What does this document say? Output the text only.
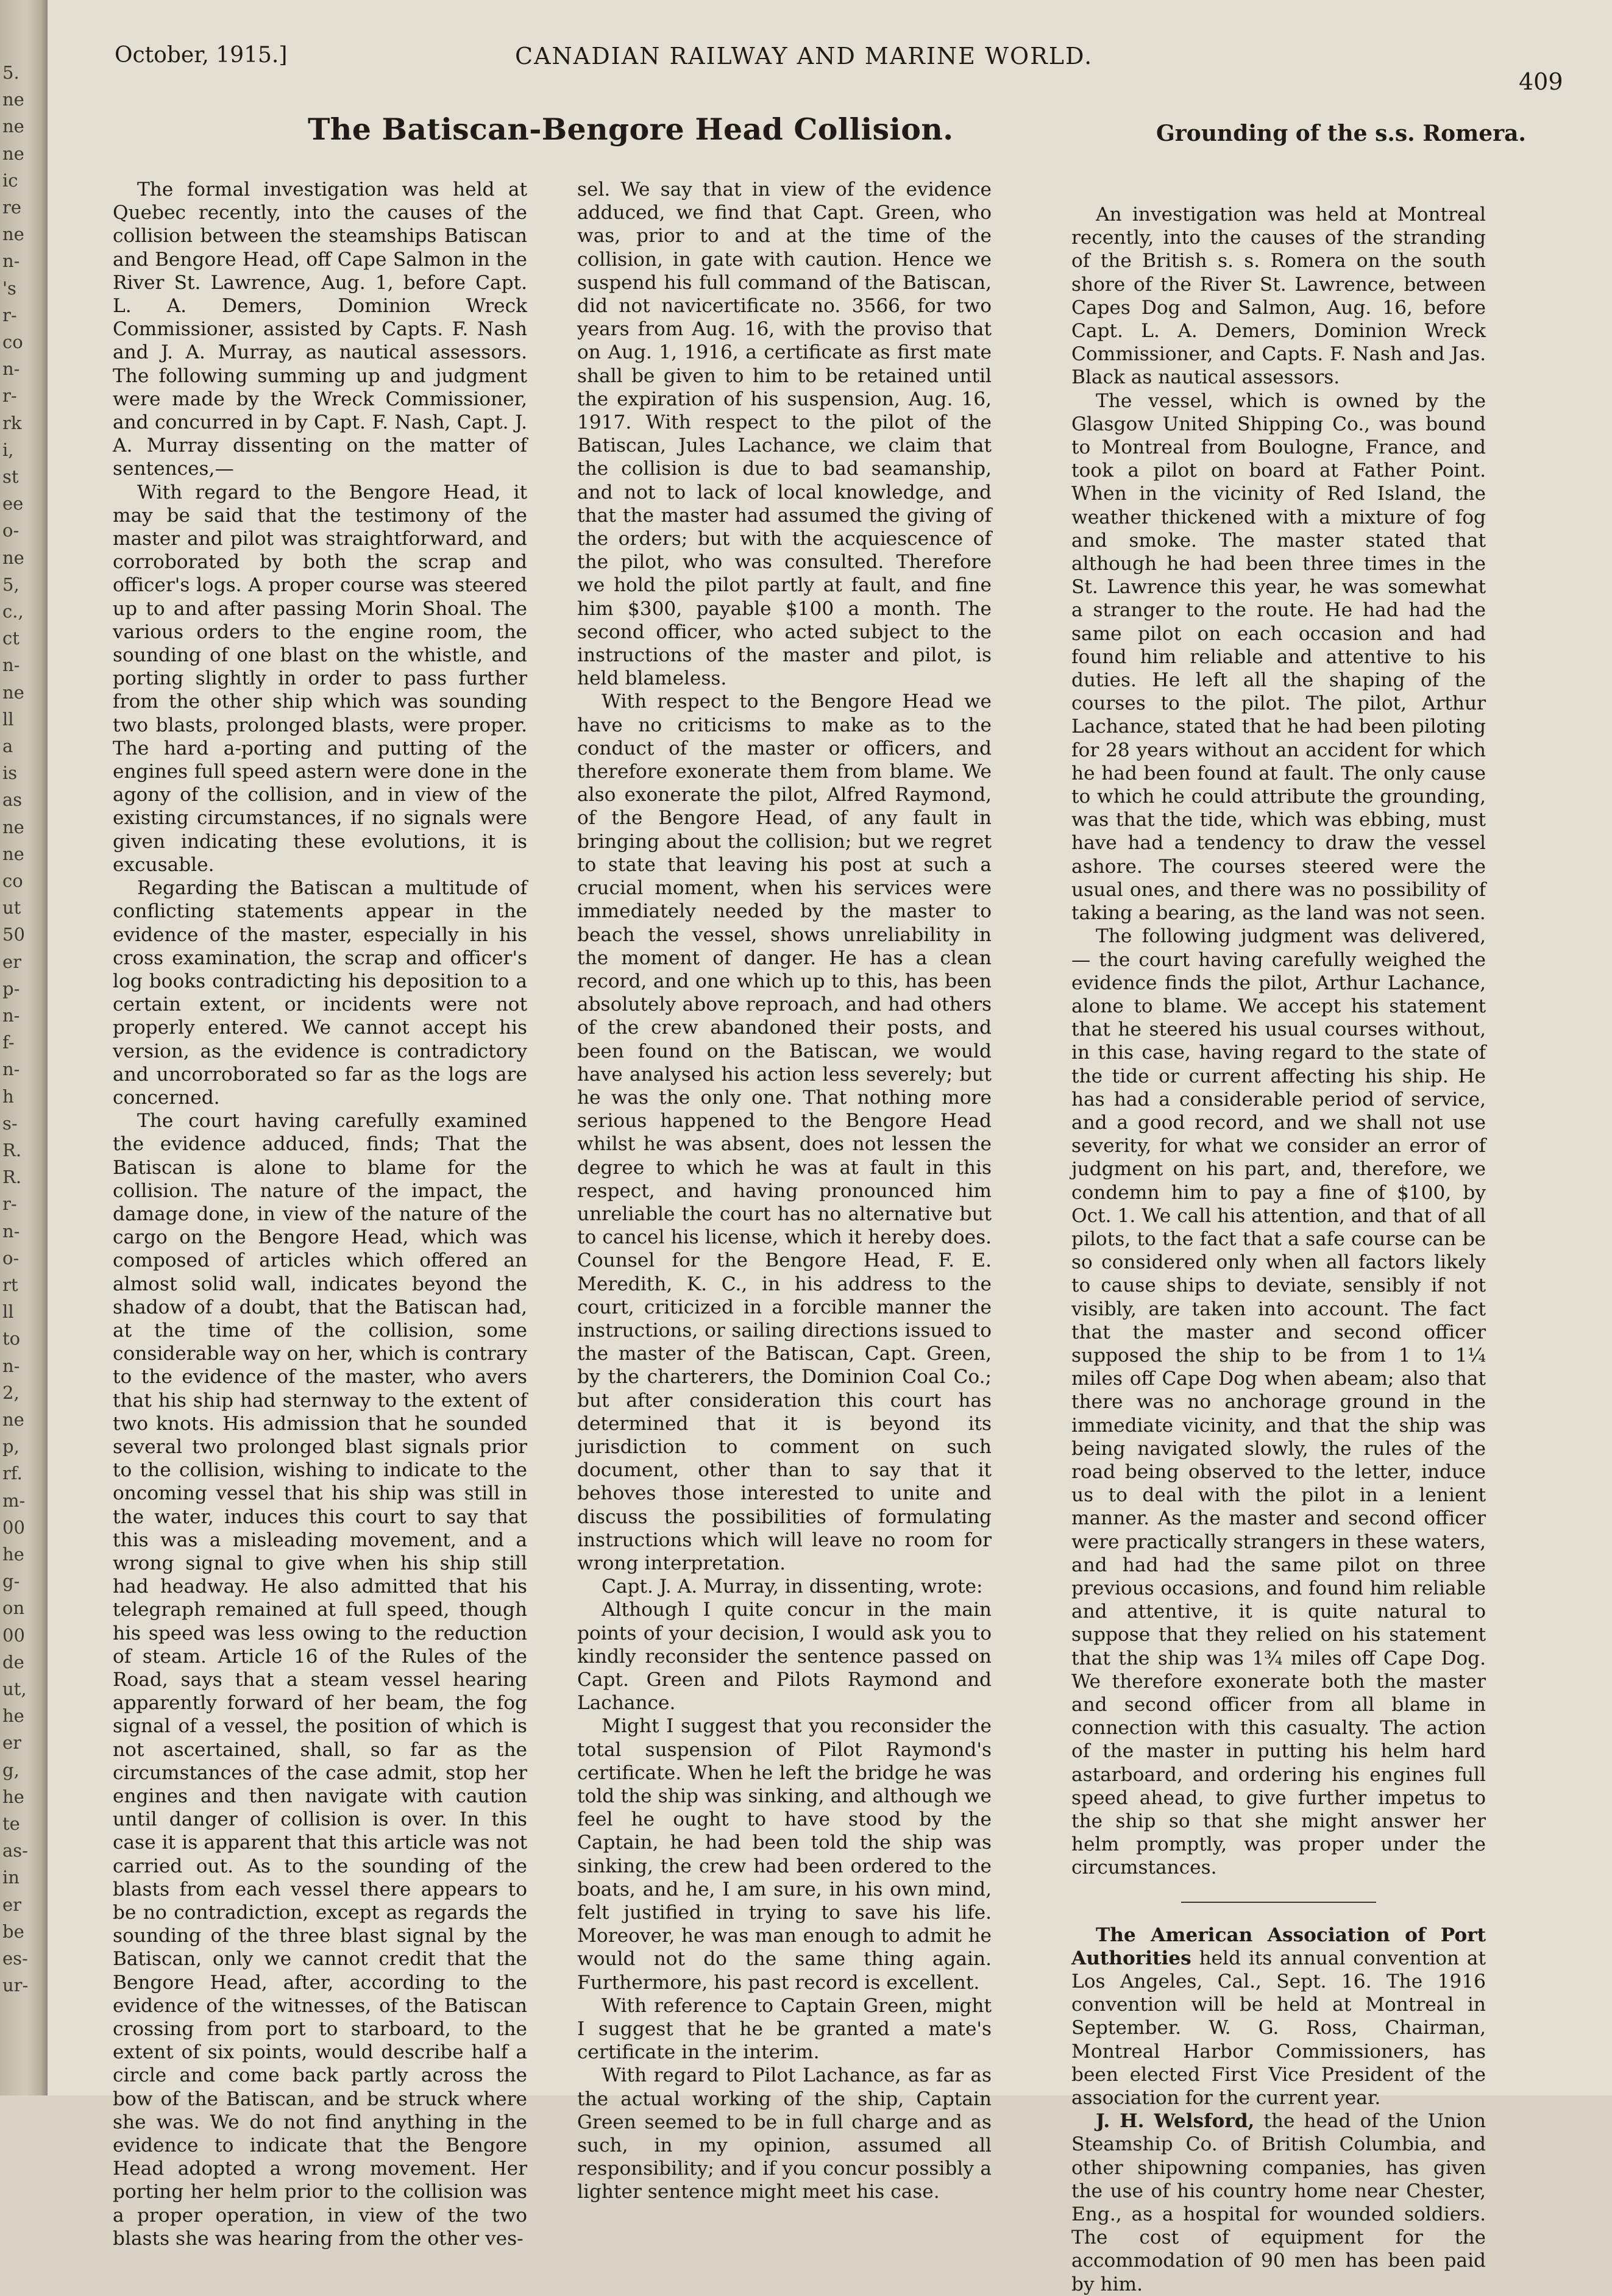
5.
ne
ne
ne
ic
re
ne
n-
's
r-
co
n-
r-
rk
i,
st
ee
o-
ne
5,
c.,
ct
n-
ne
ll
a
is
as
ne
ne
co
ut
50
er
p-
n-
f-
n-
h
s-
R.
R.
r-
n-
o-
rt
ll
to
n-
2,
ne
p,
rf.
m-
00
he
g-
on
00
de
ut,
he
er
g,
he
te
as-
in
er
be
es-
ur-
October, 1915.]	CANADIAN RAILWAY AND MARINE WORLD.
409
The Batiscan-Bengore Head Collision.	Grounding of the s.s. Romera.

The formal investigation was held at Quebec recently, into the causes of the collision between the steamships Batiscan and Bengore Head, off Cape Salmon in the River St. Lawrence, Aug. 1, before Capt. L. A. Demers, Dominion Wreck Commissioner, assisted by Capts. F. Nash and J. A. Murray, as nautical assessors. The following summing up and judgment were made by the Wreck Commissioner, and concurred in by Capt. F. Nash, Capt. J. A. Murray dissenting on the matter of sentences,—

With regard to the Bengore Head, it may be said that the testimony of the master and pilot was straightforward, and corroborated by both the scrap and officer's logs. A proper course was steered up to and after passing Morin Shoal. The various orders to the engine room, the sounding of one blast on the whistle, and porting slightly in order to pass further from the other ship which was sounding two blasts, prolonged blasts, were proper. The hard a-porting and putting of the engines full speed astern were done in the agony of the collision, and in view of the existing circumstances, if no signals were given indicating these evolutions, it is excusable.

Regarding the Batiscan a multitude of conflicting statements appear in the evidence of the master, especially in his cross examination, the scrap and officer's log books contradicting his deposition to a certain extent, or incidents were not properly entered. We cannot accept his version, as the evidence is contradictory and uncorroborated so far as the logs are concerned.

The court having carefully examined the evidence adduced, finds; That the Batiscan is alone to blame for the collision. The nature of the impact, the damage done, in view of the nature of the cargo on the Bengore Head, which was composed of articles which offered an almost solid wall, indicates beyond the shadow of a doubt, that the Batiscan had, at the time of the collision, some considerable way on her, which is contrary to the evidence of the master, who avers that his ship had sternway to the extent of two knots. His admission that he sounded several two prolonged blast signals prior to the collision, wishing to indicate to the oncoming vessel that his ship was still in the water, induces this court to say that this was a misleading movement, and a wrong signal to give when his ship still had headway. He also admitted that his telegraph remained at full speed, though his speed was less owing to the reduction of steam. Article 16 of the Rules of the Road, says that a steam vessel hearing apparently forward of her beam, the fog signal of a vessel, the position of which is not ascertained, shall, so far as the circumstances of the case admit, stop her engines and then navigate with caution until danger of collision is over. In this case it is apparent that this article was not carried out. As to the sounding of the blasts from each vessel there appears to be no contradiction, except as regards the sounding of the three blast signal by the Batiscan, only we cannot credit that the Bengore Head, after, according to the evidence of the witnesses, of the Batiscan crossing from port to starboard, to the extent of six points, would describe half a circle and come back partly across the bow of the Batiscan, and be struck where she was. We do not find anything in the evidence to indicate that the Bengore Head adopted a wrong movement. Her porting her helm prior to the collision was a proper operation, in view of the two blasts she was hearing from the other ves-

sel. We say that in view of the evidence adduced, we find that Capt. Green, who was, prior to and at the time of the collision, in gate with caution. Hence we suspend his full command of the Batiscan, did not navicertificate no. 3566, for two years from Aug. 16, with the proviso that on Aug. 1, 1916, a certificate as first mate shall be given to him to be retained until the expiration of his suspension, Aug. 16, 1917. With respect to the pilot of the Batiscan, Jules Lachance, we claim that the collision is due to bad seamanship, and not to lack of local knowledge, and that the master had assumed the giving of the orders; but with the acquiescence of the pilot, who was consulted. Therefore we hold the pilot partly at fault, and fine him $300, payable $100 a month. The second officer, who acted subject to the instructions of the master and pilot, is held blameless.

With respect to the Bengore Head we have no criticisms to make as to the conduct of the master or officers, and therefore exonerate them from blame. We also exonerate the pilot, Alfred Raymond, of the Bengore Head, of any fault in bringing about the collision; but we regret to state that leaving his post at such a crucial moment, when his services were immediately needed by the master to beach the vessel, shows unreliability in the moment of danger. He has a clean record, and one which up to this, has been absolutely above reproach, and had others of the crew abandoned their posts, and been found on the Batiscan, we would have analysed his action less severely; but he was the only one. That nothing more serious happened to the Bengore Head whilst he was absent, does not lessen the degree to which he was at fault in this respect, and having pronounced him unreliable the court has no alternative but to cancel his license, which it hereby does. Counsel for the Bengore Head, F. E. Meredith, K. C., in his address to the court, criticized in a forcible manner the instructions, or sailing directions issued to the master of the Batiscan, Capt. Green, by the charterers, the Dominion Coal Co.; but after consideration this court has determined that it is beyond its jurisdiction to comment on such document, other than to say that it behoves those interested to unite and discuss the possibilities of formulating instructions which will leave no room for wrong interpretation.

Capt. J. A. Murray, in dissenting, wrote:

Although I quite concur in the main points of your decision, I would ask you to kindly reconsider the sentence passed on Capt. Green and Pilots Raymond and Lachance.

Might I suggest that you reconsider the total suspension of Pilot Raymond's certificate. When he left the bridge he was told the ship was sinking, and although we feel he ought to have stood by the Captain, he had been told the ship was sinking, the crew had been ordered to the boats, and he, I am sure, in his own mind, felt justified in trying to save his life. Moreover, he was man enough to admit he would not do the same thing again. Furthermore, his past record is excellent.

With reference to Captain Green, might I suggest that he be granted a mate's certificate in the interim.

With regard to Pilot Lachance, as far as the actual working of the ship, Captain Green seemed to be in full charge and as such, in my opinion, assumed all responsibility; and if you concur possibly a lighter sentence might meet his case.

An investigation was held at Montreal recently, into the causes of the stranding of the British s. s. Romera on the south shore of the River St. Lawrence, between Capes Dog and Salmon, Aug. 16, before Capt. L. A. Demers, Dominion Wreck Commissioner, and Capts. F. Nash and Jas. Black as nautical assessors.

The vessel, which is owned by the Glasgow United Shipping Co., was bound to Montreal from Boulogne, France, and took a pilot on board at Father Point. When in the vicinity of Red Island, the weather thickened with a mixture of fog and smoke. The master stated that although he had been three times in the St. Lawrence this year, he was somewhat a stranger to the route. He had had the same pilot on each occasion and had found him reliable and attentive to his duties. He left all the shaping of the courses to the pilot. The pilot, Arthur Lachance, stated that he had been piloting for 28 years without an accident for which he had been found at fault. The only cause to which he could attribute the grounding, was that the tide, which was ebbing, must have had a tendency to draw the vessel ashore. The courses steered were the usual ones, and there was no possibility of taking a bearing, as the land was not seen.

The following judgment was delivered,— the court having carefully weighed the evidence finds the pilot, Arthur Lachance, alone to blame. We accept his statement that he steered his usual courses without, in this case, having regard to the state of the tide or current affecting his ship. He has had a considerable period of service, and a good record, and we shall not use severity, for what we consider an error of judgment on his part, and, therefore, we condemn him to pay a fine of $100, by Oct. 1. We call his attention, and that of all pilots, to the fact that a safe course can be so considered only when all factors likely to cause ships to deviate, sensibly if not visibly, are taken into account. The fact that the master and second officer supposed the ship to be from 1 to 1¼ miles off Cape Dog when abeam; also that there was no anchorage ground in the immediate vicinity, and that the ship was being navigated slowly, the rules of the road being observed to the letter, induce us to deal with the pilot in a lenient manner. As the master and second officer were practically strangers in these waters, and had had the same pilot on three previous occasions, and found him reliable and attentive, it is quite natural to suppose that they relied on his statement that the ship was 1¾ miles off Cape Dog. We therefore exonerate both the master and second officer from all blame in connection with this casualty. The action of the master in putting his helm hard astarboard, and ordering his engines full speed ahead, to give further impetus to the ship so that she might answer her helm promptly, was proper under the circumstances.

The American Association of Port Authorities held its annual convention at Los Angeles, Cal., Sept. 16. The 1916 convention will be held at Montreal in September. W. G. Ross, Chairman, Montreal Harbor Commissioners, has been elected First Vice President of the association for the current year.

J. H. Welsford, the head of the Union Steamship Co. of British Columbia, and other shipowning companies, has given the use of his country home near Chester, Eng., as a hospital for wounded soldiers. The cost of equipment for the accommodation of 90 men has been paid by him.
